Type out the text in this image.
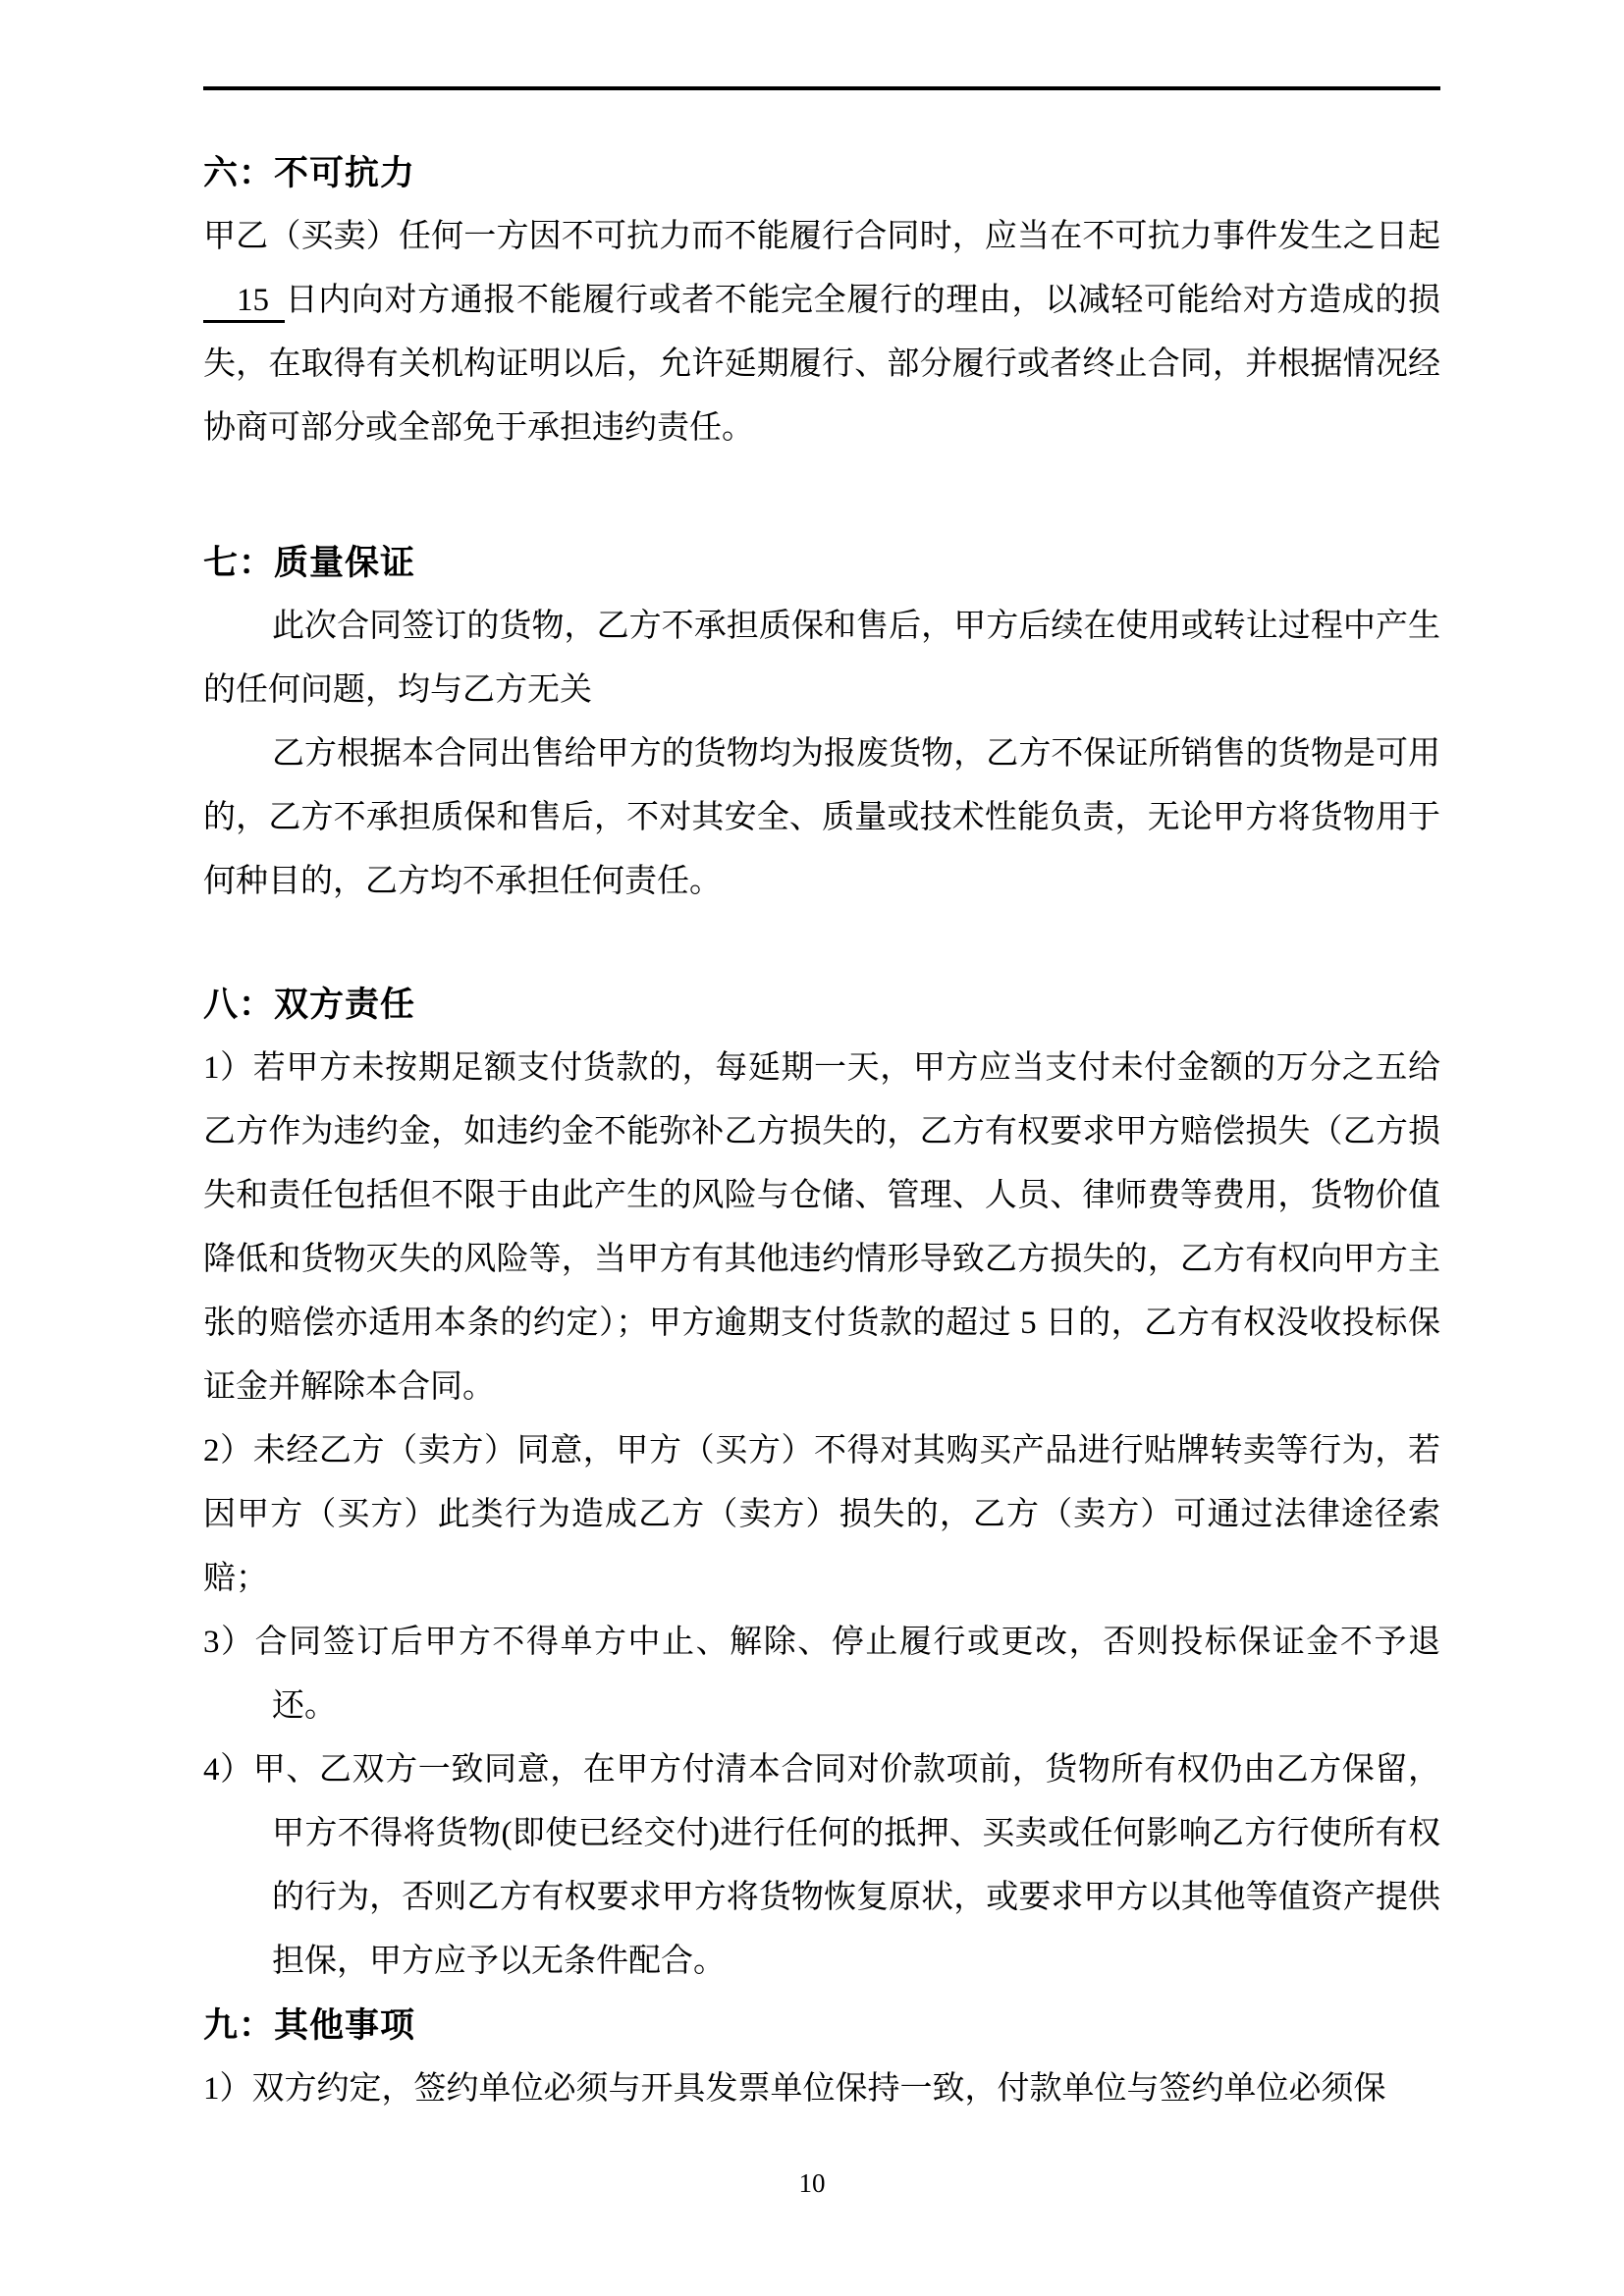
六：不可抗力

甲乙（买卖）任何一方因不可抗力而不能履行合同时，应当在不可抗力事件发生之日起15 日内向对方通报不能履行或者不能完全履行的理由，以减轻可能给对方造成的损失，在取得有关机构证明以后，允许延期履行、部分履行或者终止合同，并根据情况经协商可部分或全部免于承担违约责任。

七：质量保证

此次合同签订的货物，乙方不承担质保和售后，甲方后续在使用或转让过程中产生的任何问题，均与乙方无关

乙方根据本合同出售给甲方的货物均为报废货物，乙方不保证所销售的货物是可用的，乙方不承担质保和售后，不对其安全、质量或技术性能负责，无论甲方将货物用于何种目的，乙方均不承担任何责任。

八：双方责任

1）若甲方未按期足额支付货款的，每延期一天，甲方应当支付未付金额的万分之五给乙方作为违约金，如违约金不能弥补乙方损失的，乙方有权要求甲方赔偿损失（乙方损失和责任包括但不限于由此产生的风险与仓储、管理、人员、律师费等费用，货物价值降低和货物灭失的风险等，当甲方有其他违约情形导致乙方损失的，乙方有权向甲方主张的赔偿亦适用本条的约定）；甲方逾期支付货款的超过 5 日的，乙方有权没收投标保证金并解除本合同。

2）未经乙方（卖方）同意，甲方（买方）不得对其购买产品进行贴牌转卖等行为，若因甲方（买方）此类行为造成乙方（卖方）损失的，乙方（卖方）可通过法律途径索赔；

3）合同签订后甲方不得单方中止、解除、停止履行或更改，否则投标保证金不予退还。

4）甲、乙双方一致同意，在甲方付清本合同对价款项前，货物所有权仍由乙方保留，甲方不得将货物(即使已经交付)进行任何的抵押、买卖或任何影响乙方行使所有权的行为，否则乙方有权要求甲方将货物恢复原状，或要求甲方以其他等值资产提供担保，甲方应予以无条件配合。

九：其他事项

1）双方约定，签约单位必须与开具发票单位保持一致，付款单位与签约单位必须保

10
